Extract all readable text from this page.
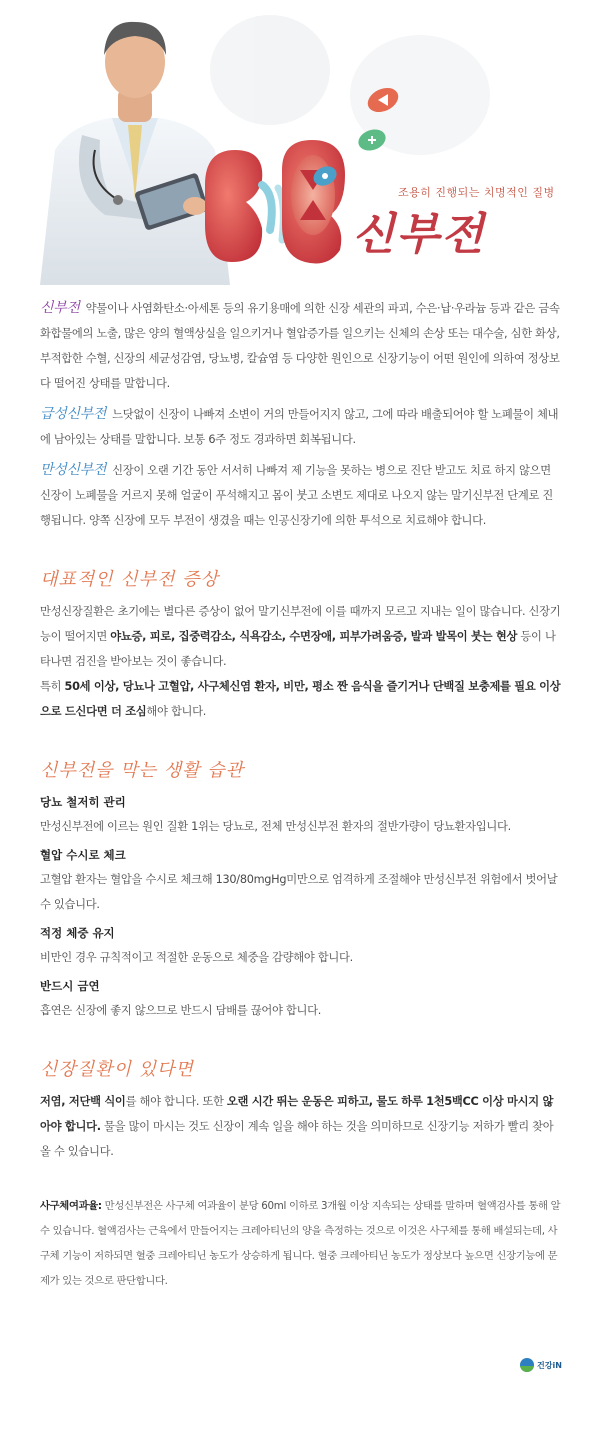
조용히 진행되는 치명적인 질병
신부전

신부전 약물이나 사염화탄소·아세톤 등의 유기용매에 의한 신장 세관의 파괴, 수은·납·우라늄 등과 같은 금속화합물에의 노출, 많은 양의 혈액상실을 일으키거나 혈압증가를 일으키는 신체의 손상 또는 대수술, 심한 화상, 부적합한 수혈, 신장의 세균성감염, 당뇨병, 칼슘염 등 다양한 원인으로 신장기능이 어떤 원인에 의하여 정상보다 떨어진 상태를 말합니다.

급성신부전 느닷없이 신장이 나빠져 소변이 거의 만들어지지 않고, 그에 따라 배출되어야 할 노폐물이 체내에 남아있는 상태를 말합니다. 보통 6주 정도 경과하면 회복됩니다.

만성신부전 신장이 오랜 기간 동안 서서히 나빠져 제 기능을 못하는 병으로 진단 받고도 치료 하지 않으면 신장이 노폐물을 거르지 못해 얼굴이 푸석해지고 몸이 붓고 소변도 제대로 나오지 않는 말기신부전 단계로 진행됩니다. 양쪽 신장에 모두 부전이 생겼을 때는 인공신장기에 의한 투석으로 치료해야 합니다.

대표적인 신부전 증상

만성신장질환은 초기에는 별다른 증상이 없어 말기신부전에 이를 때까지 모르고 지내는 일이 많습니다. 신장기능이 떨어지면 야뇨증, 피로, 집중력감소, 식욕감소, 수면장애, 피부가려움증, 발과 발목이 붓는 현상 등이 나타나면 검진을 받아보는 것이 좋습니다.

특히 50세 이상, 당뇨나 고혈압, 사구체신염 환자, 비만, 평소 짠 음식을 즐기거나 단백질 보충제를 필요 이상으로 드신다면 더 조심해야 합니다.

신부전을 막는 생활 습관
당뇨 철저히 관리

만성신부전에 이르는 원인 질환 1위는 당뇨로, 전체 만성신부전 환자의 절반가량이 당뇨환자입니다.

혈압 수시로 체크

고혈압 환자는 혈압을 수시로 체크해 130/80mgHg미만으로 엄격하게 조절해야 만성신부전 위험에서 벗어날 수 있습니다.

적정 체중 유지

비만인 경우 규칙적이고 적절한 운동으로 체중을 감량해야 합니다.

반드시 금연

흡연은 신장에 좋지 않으므로 반드시 담배를 끊어야 합니다.

신장질환이 있다면

저염, 저단백 식이를 해야 합니다. 또한 오랜 시간 뛰는 운동은 피하고, 물도 하루 1천5백CC 이상 마시지 않아야 합니다. 물을 많이 마시는 것도 신장이 계속 일을 해야 하는 것을 의미하므로 신장기능 저하가 빨리 찾아올 수 있습니다.

사구체여과율: 만성신부전은 사구체 여과율이 분당 60ml 이하로 3개월 이상 지속되는 상태를 말하며 혈액검사를 통해 알 수 있습니다. 혈액검사는 근육에서 만들어지는 크레아티닌의 양을 측정하는 것으로 이것은 사구체를 통해 배설되는데, 사구체 기능이 저하되면 혈중 크레아티닌 농도가 상승하게 됩니다. 혈중 크레아티닌 농도가 정상보다 높으면 신장기능에 문제가 있는 것으로 판단합니다.

건강iN
